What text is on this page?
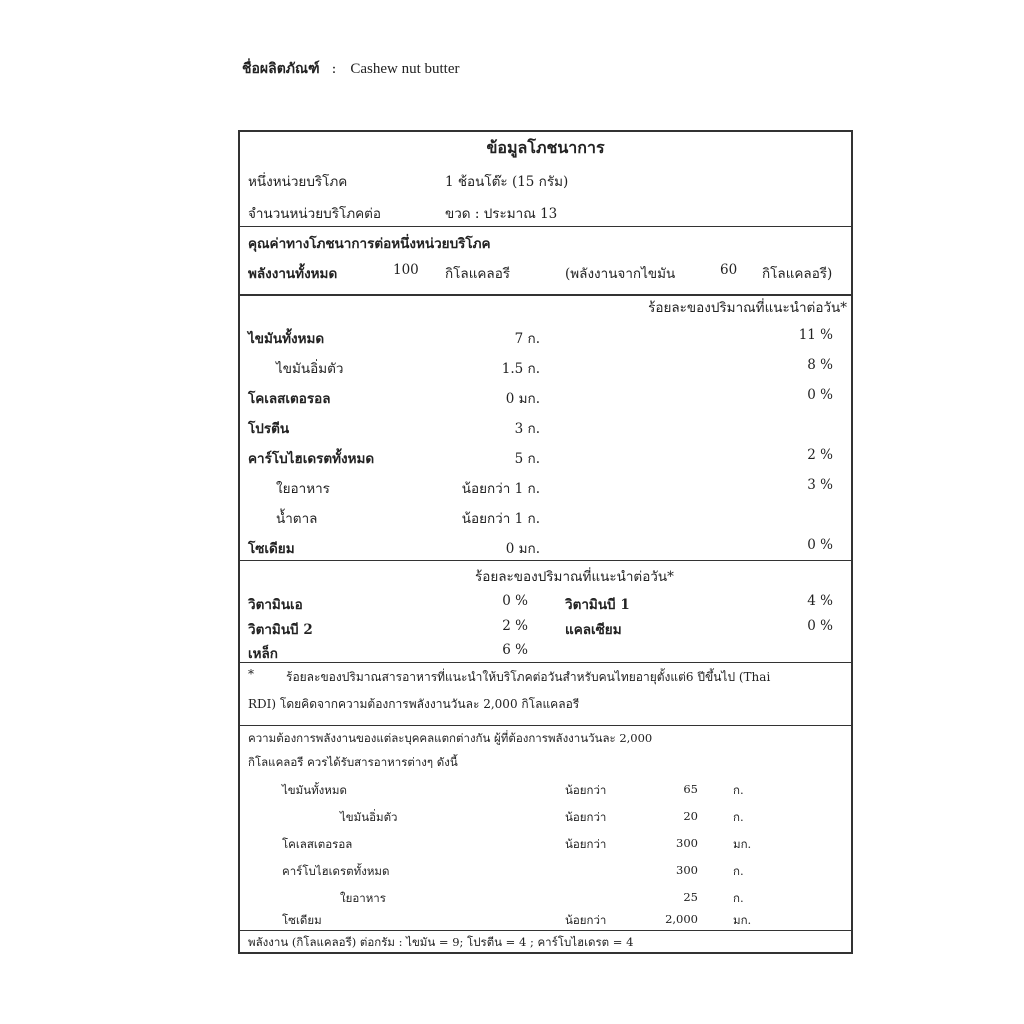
ชื่อผลิตภัณฑ์ : Cashew nut butter
ข้อมูลโภชนาการ
หนึ่งหน่วยบริโภค	1 ช้อนโต๊ะ (15 กรัม)
จำนวนหน่วยบริโภคต่อ	ขวด : ประมาณ 13
คุณค่าทางโภชนาการต่อหนึ่งหน่วยบริโภค
พลังงานทั้งหมด	100 กิโลแคลอรี	(พลังงานจากไขมัน	60 กิโลแคลอรี)
ร้อยละของปริมาณที่แนะนำต่อวัน*
ไขมันทั้งหมด	7 ก.	11 %
ไขมันอิ่มตัว	1.5 ก.	8 %
โคเลสเตอรอล	0 มก.	0 %
โปรตีน	3 ก.
คาร์โบไฮเดรตทั้งหมด	5 ก.	2 %
ใยอาหาร	น้อยกว่า 1 ก.	3 %
น้ำตาล	น้อยกว่า 1 ก.
โซเดียม	0 มก.	0 %
ร้อยละของปริมาณที่แนะนำต่อวัน*
วิตามินเอ	0 %	วิตามินบี 1	4 %
วิตามินบี 2	2 %	แคลเซียม	0 %
เหล็ก	6 %
*	ร้อยละของปริมาณสารอาหารที่แนะนำให้บริโภคต่อวันสำหรับคนไทยอายุตั้งแต่6 ปีขึ้นไป (Thai
RDI) โดยคิดจากความต้องการพลังงานวันละ 2,000 กิโลแคลอรี
ความต้องการพลังงานของแต่ละบุคคลแตกต่างกัน ผู้ที่ต้องการพลังงานวันละ 2,000
กิโลแคลอรี ควรได้รับสารอาหารต่างๆ ดังนี้
ไขมันทั้งหมด	น้อยกว่า	65	ก.
ไขมันอิ่มตัว	น้อยกว่า	20	ก.
โคเลสเตอรอล	น้อยกว่า	300	มก.
คาร์โบไฮเดรตทั้งหมด	300	ก.
ใยอาหาร	25	ก.
โซเดียม	น้อยกว่า	2,000	มก.
พลังงาน (กิโลแคลอรี) ต่อกรัม : ไขมัน = 9; โปรตีน = 4 ; คาร์โบไฮเดรต = 4
